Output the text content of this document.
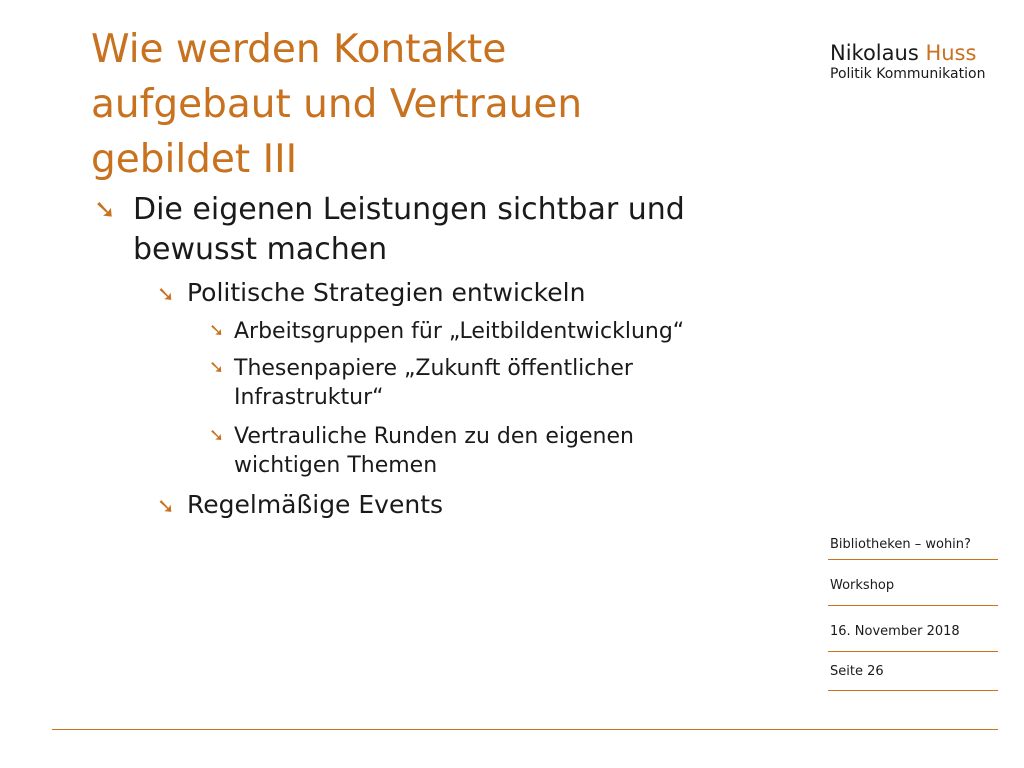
Wie werden Kontakte
aufgebaut und Vertrauen
gebildet III
Nikolaus Huss
Politik Kommunikation
➘ Die eigenen Leistungen sichtbar und
bewusst machen
➘ Politische Strategien entwickeln
➘ Arbeitsgruppen für „Leitbildentwicklung“
➘ Thesenpapiere „Zukunft öffentlicher
Infrastruktur“
➘ Vertrauliche Runden zu den eigenen
wichtigen Themen
➘ Regelmäßige Events
Bibliotheken – wohin?
Workshop
16. November 2018
Seite 26
